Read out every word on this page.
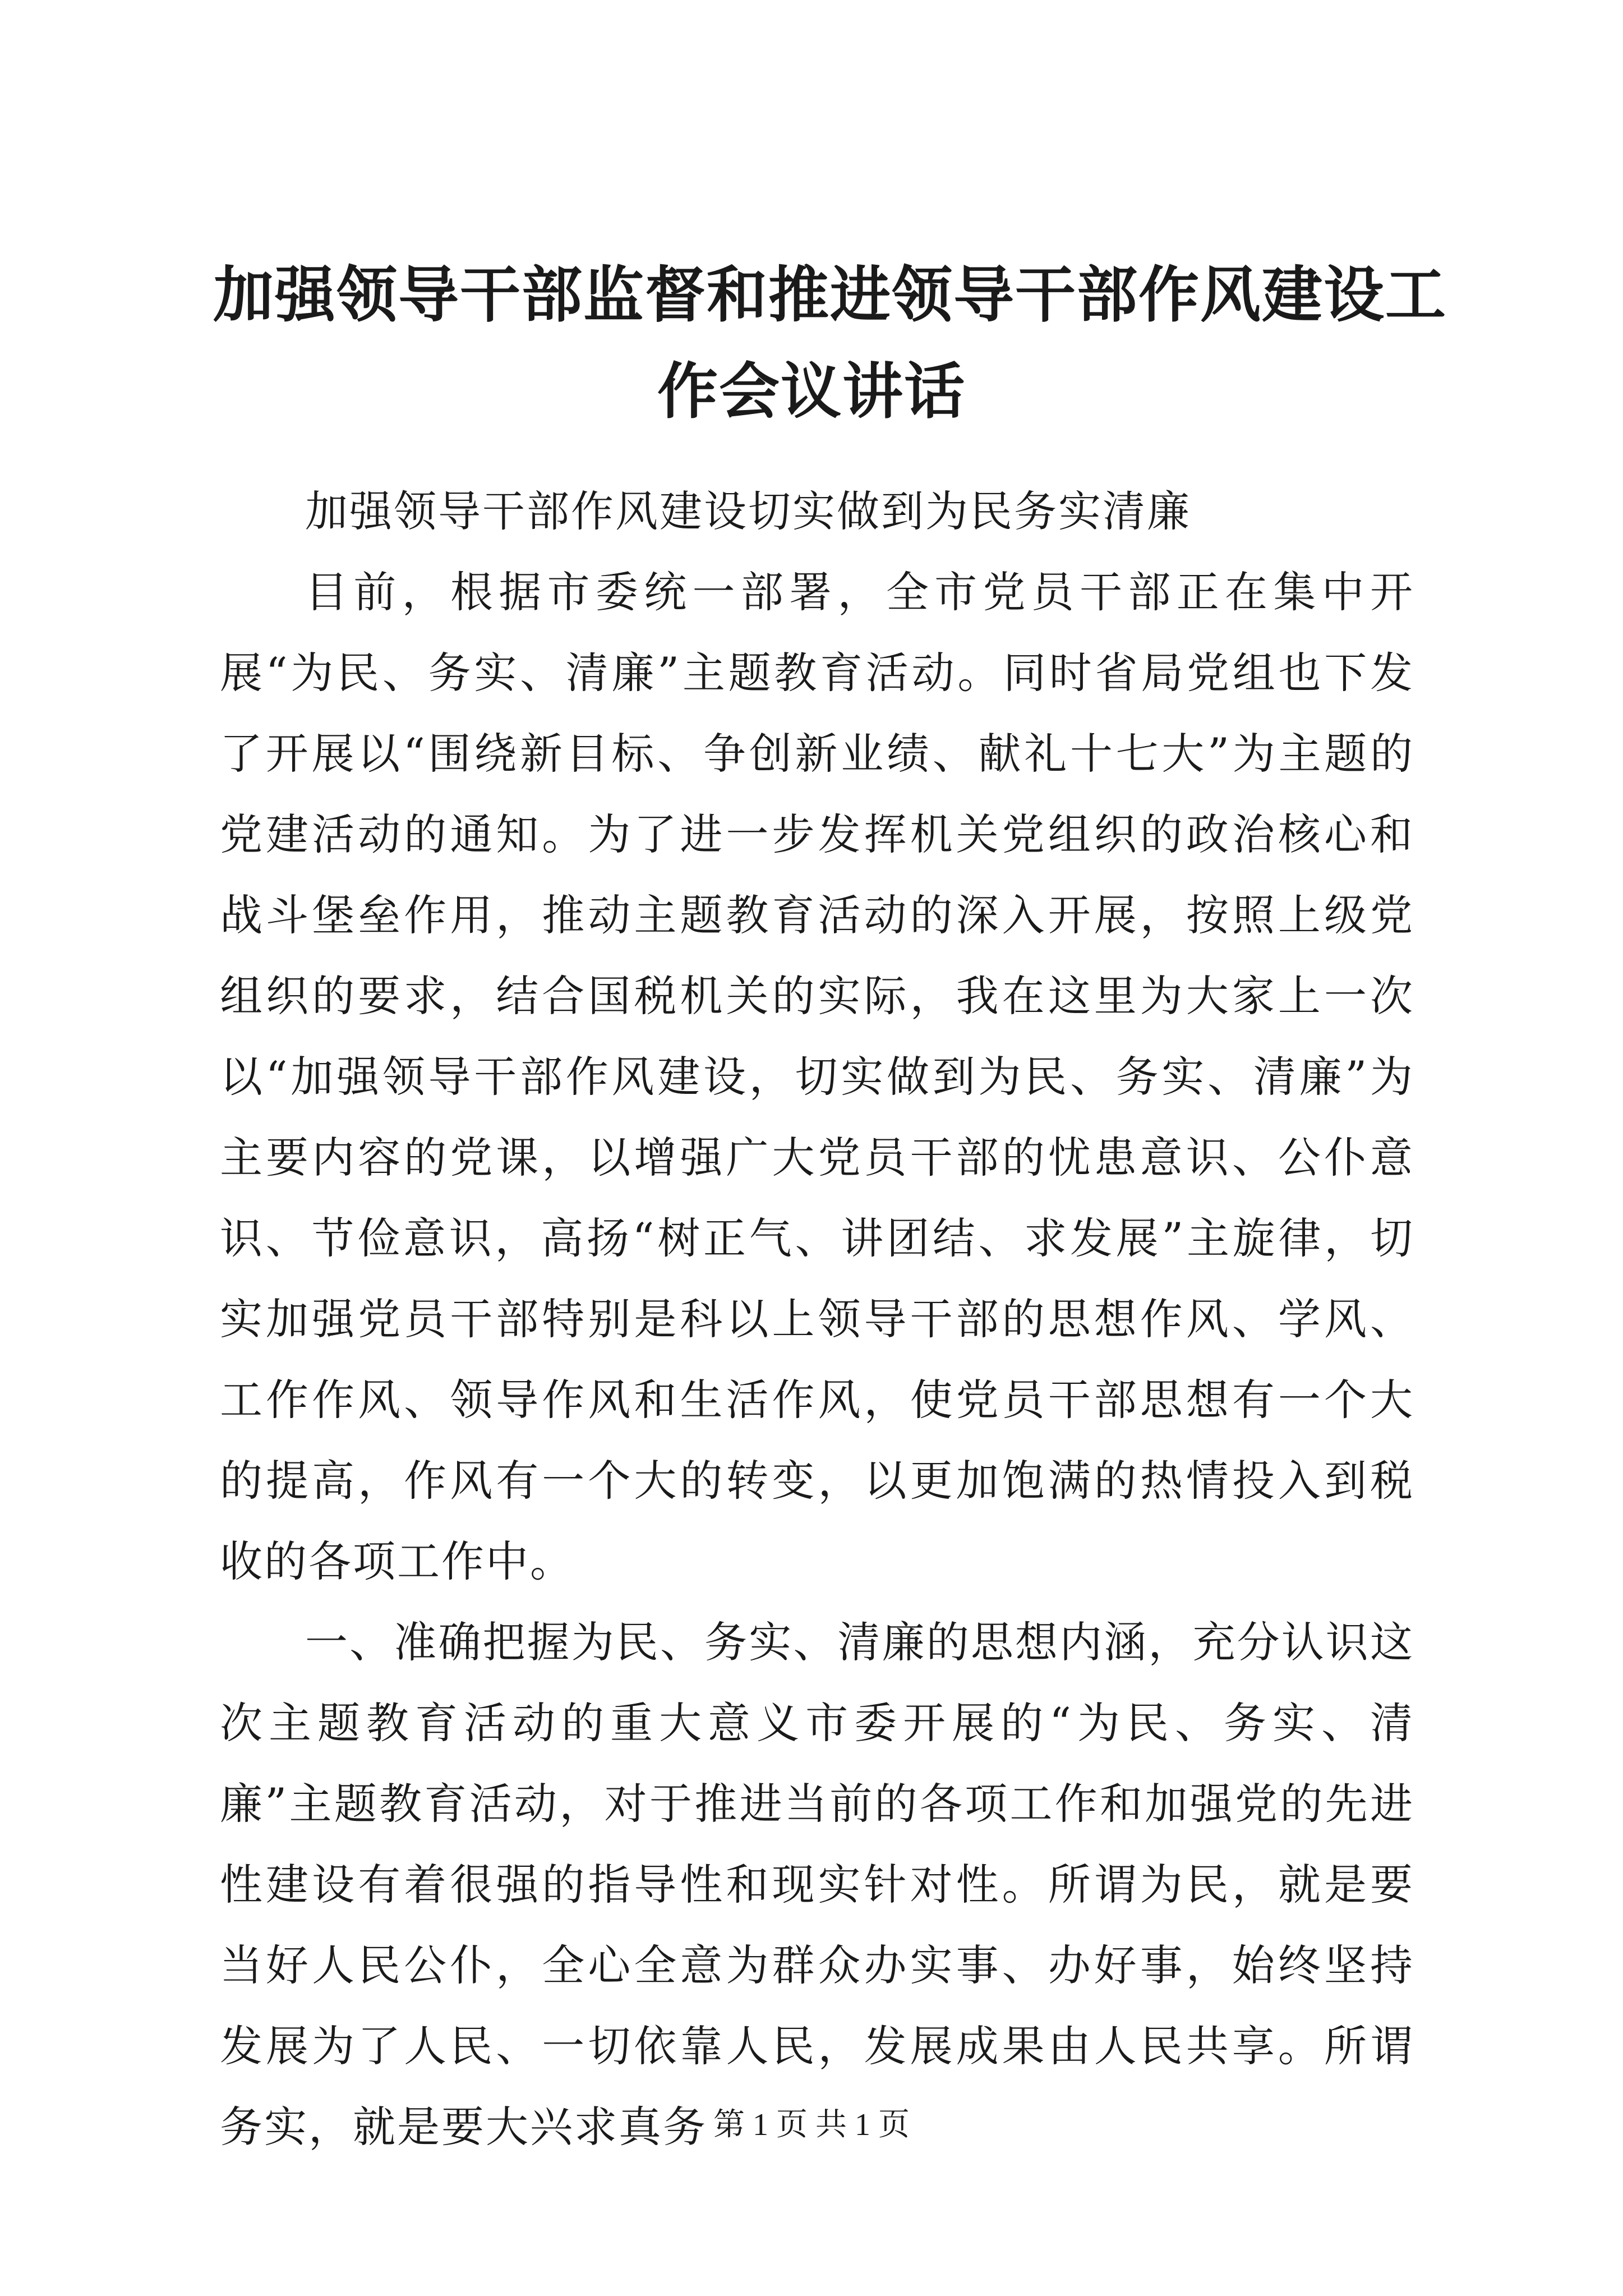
加强领导干部监督和推进领导干部作风建设工
作会议讲话

加强领导干部作风建设切实做到为民务实清廉

目前，根据市委统一部署，全市党员干部正在集中开展“为民、务实、清廉”主题教育活动。同时省局党组也下发了开展以“围绕新目标、争创新业绩、献礼十七大”为主题的党建活动的通知。为了进一步发挥机关党组织的政治核心和战斗堡垒作用，推动主题教育活动的深入开展，按照上级党组织的要求，结合国税机关的实际，我在这里为大家上一次以“加强领导干部作风建设，切实做到为民、务实、清廉”为主要内容的党课，以增强广大党员干部的忧患意识、公仆意识、节俭意识，高扬“树正气、讲团结、求发展”主旋律，切实加强党员干部特别是科以上领导干部的思想作风、学风、工作作风、领导作风和生活作风，使党员干部思想有一个大的提高，作风有一个大的转变，以更加饱满的热情投入到税收的各项工作中。

一、准确把握为民、务实、清廉的思想内涵，充分认识这次主题教育活动的重大意义市委开展的“为民、务实、清廉”主题教育活动，对于推进当前的各项工作和加强党的先进性建设有着很强的指导性和现实针对性。所谓为民，就是要当好人民公仆，全心全意为群众办实事、办好事，始终坚持发展为了人民、一切依靠人民，发展成果由人民共享。所谓务实，就是要大兴求真务 第 1 页 共 1 页
